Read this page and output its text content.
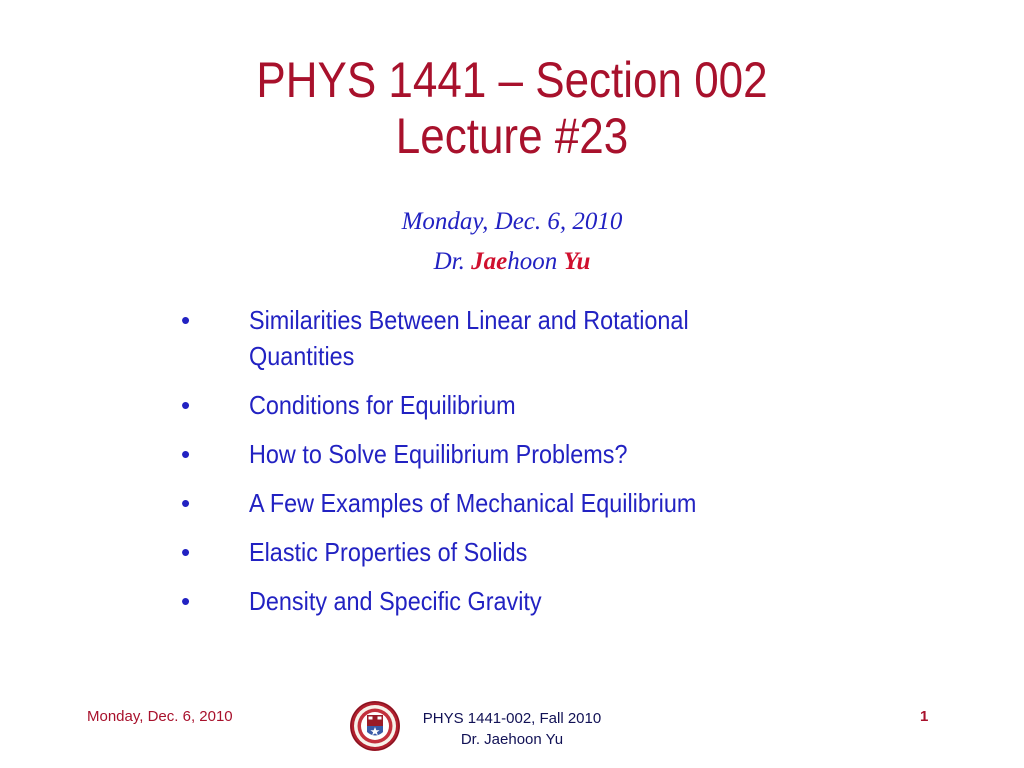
PHYS 1441 – Section 002
Lecture #23
Monday, Dec. 6, 2010
Dr. Jaehoon Yu
•	Similarities Between Linear and Rotational Quantities
•	Conditions for Equilibrium
•	How to Solve Equilibrium Problems?
•	A Few Examples of Mechanical Equilibrium
•	Elastic Properties of Solids
•	Density and Specific Gravity
Monday, Dec. 6, 2010	PHYS 1441-002, Fall 2010
Dr. Jaehoon Yu
1
